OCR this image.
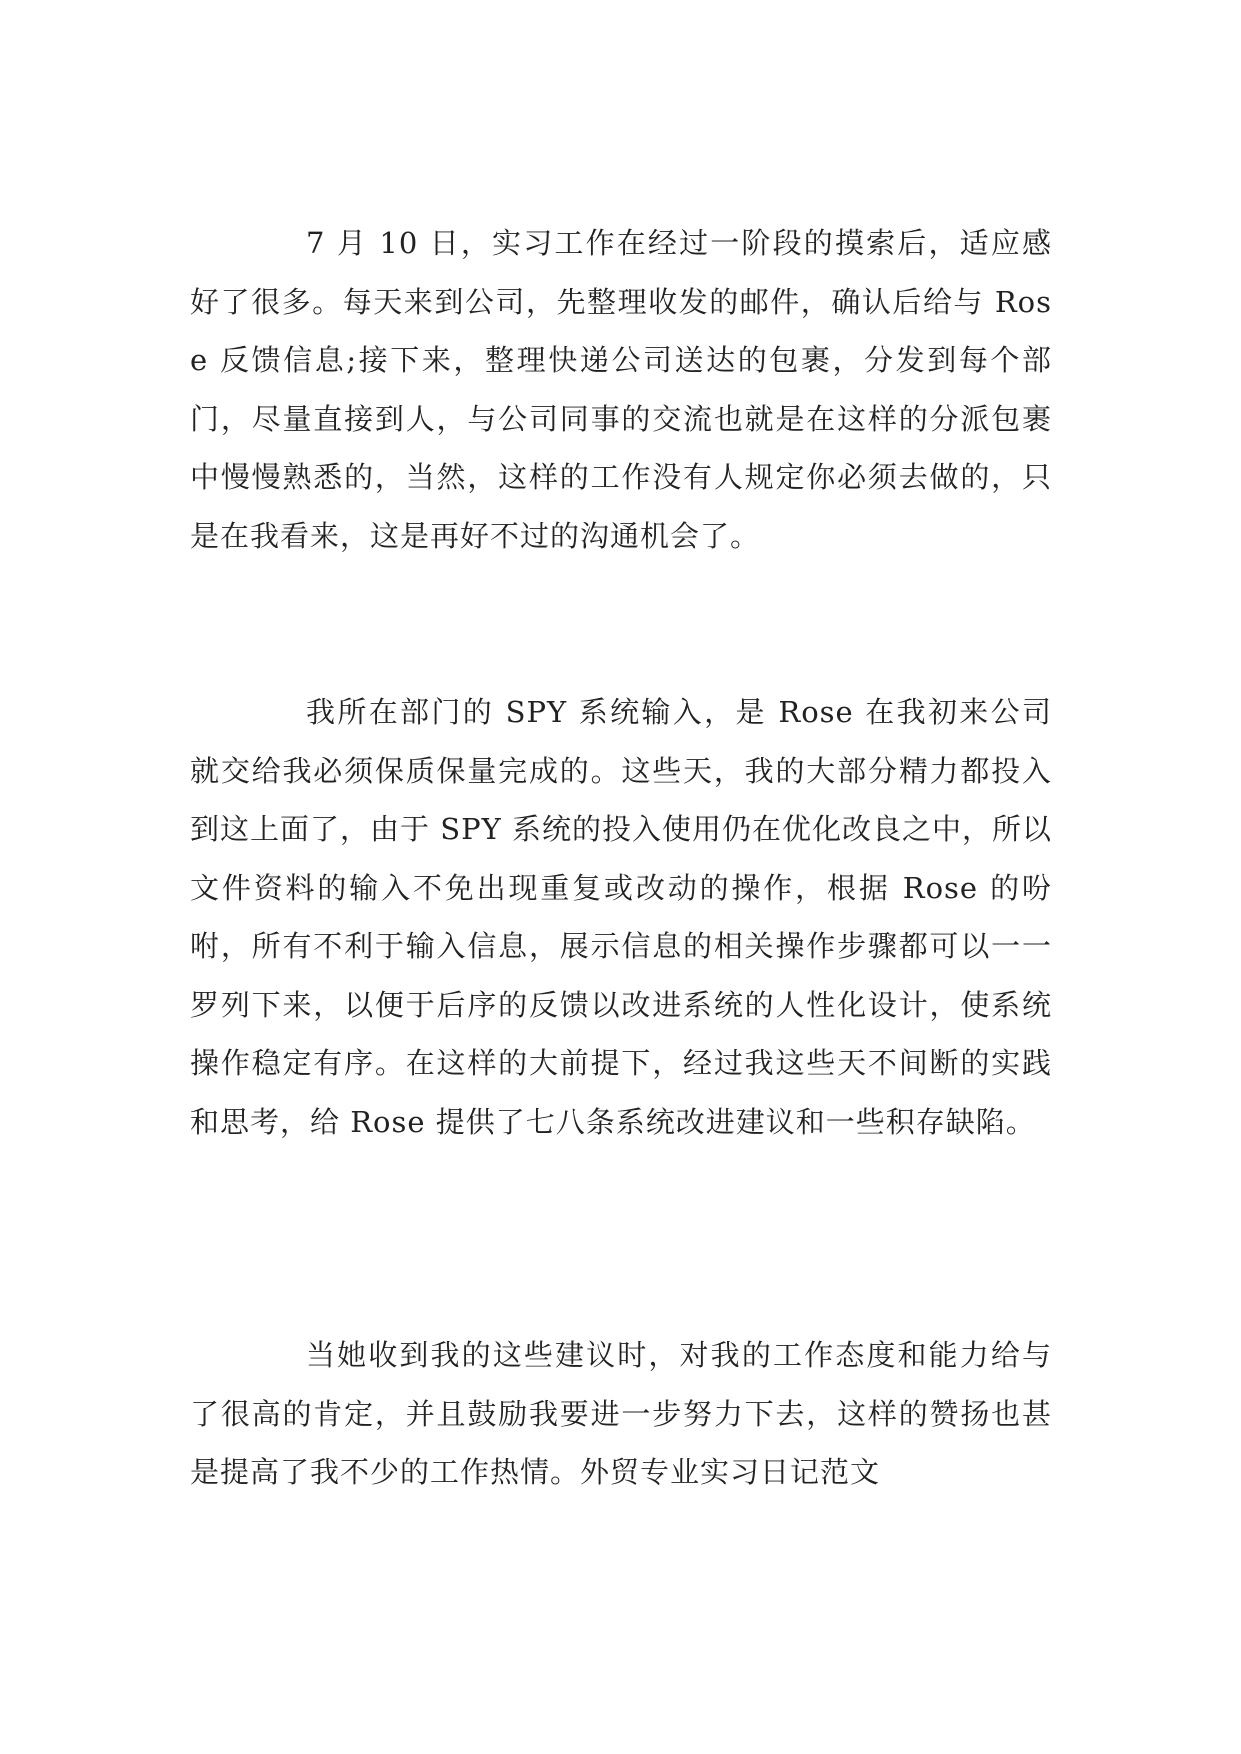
7 月 10 日，实习工作在经过一阶段的摸索后，适应感好了很多。每天来到公司，先整理收发的邮件，确认后给与 Rose 反馈信息;接下来，整理快递公司送达的包裹，分发到每个部门，尽量直接到人，与公司同事的交流也就是在这样的分派包裹中慢慢熟悉的，当然，这样的工作没有人规定你必须去做的，只是在我看来，这是再好不过的沟通机会了。

我所在部门的 SPY 系统输入，是 Rose 在我初来公司就交给我必须保质保量完成的。这些天，我的大部分精力都投入到这上面了，由于 SPY 系统的投入使用仍在优化改良之中，所以文件资料的输入不免出现重复或改动的操作，根据 Rose 的吩咐，所有不利于输入信息，展示信息的相关操作步骤都可以一一罗列下来，以便于后序的反馈以改进系统的人性化设计，使系统操作稳定有序。在这样的大前提下，经过我这些天不间断的实践和思考，给 Rose 提供了七八条系统改进建议和一些积存缺陷。

当她收到我的这些建议时，对我的工作态度和能力给与了很高的肯定，并且鼓励我要进一步努力下去，这样的赞扬也甚是提高了我不少的工作热情。外贸专业实习日记范文
